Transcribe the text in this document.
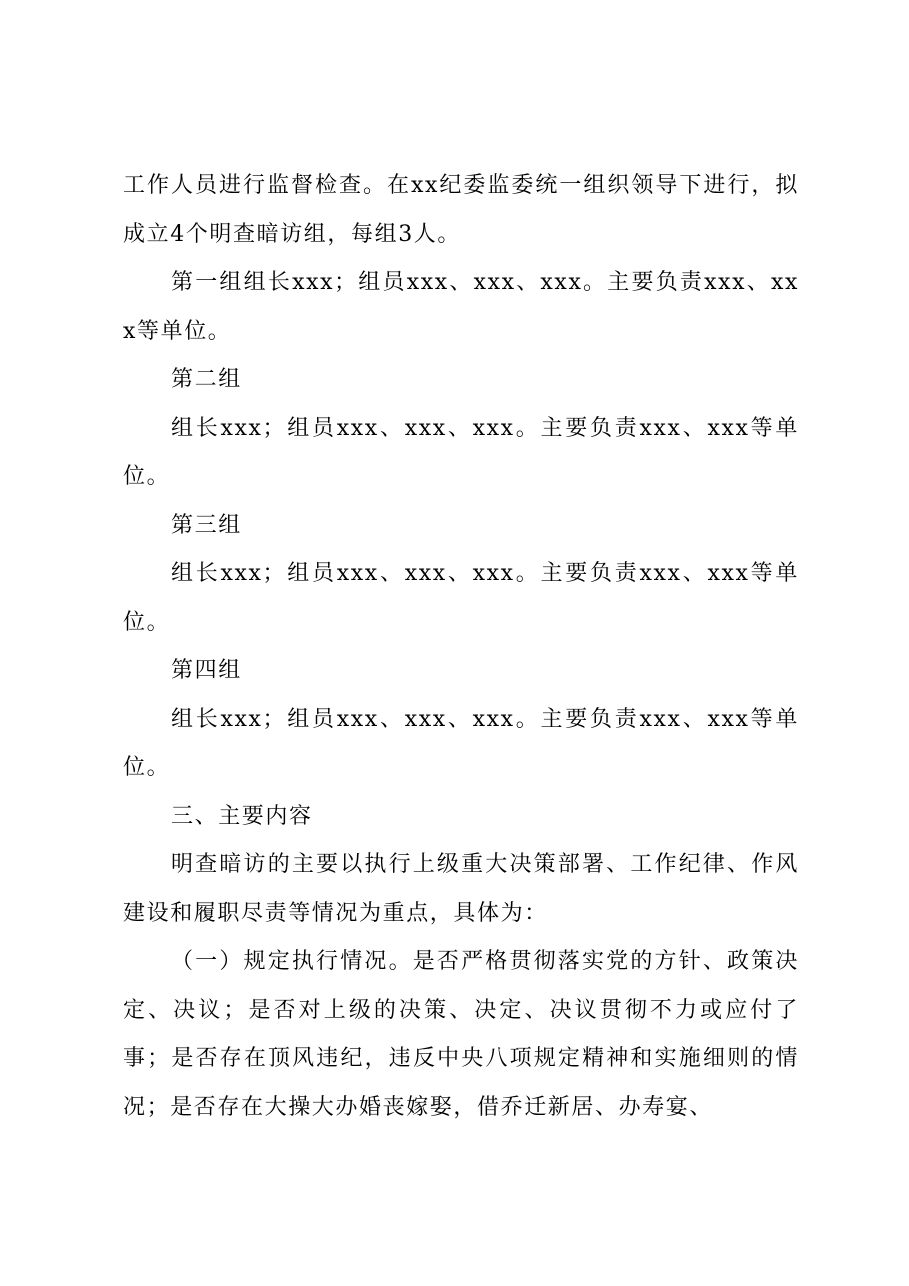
工作人员进行监督检查。在xx纪委监委统一组织领导下进行，拟成立4个明查暗访组，每组3人。

第一组组长xxx；组员xxx、xxx、xxx。主要负责xxx、xxx等单位。

第二组

组长xxx；组员xxx、xxx、xxx。主要负责xxx、xxx等单位。

第三组

组长xxx；组员xxx、xxx、xxx。主要负责xxx、xxx等单位。

第四组

组长xxx；组员xxx、xxx、xxx。主要负责xxx、xxx等单位。

三、主要内容

明查暗访的主要以执行上级重大决策部署、工作纪律、作风建设和履职尽责等情况为重点，具体为：

（一）规定执行情况。是否严格贯彻落实党的方针、政策决定、决议；是否对上级的决策、决定、决议贯彻不力或应付了事；是否存在顶风违纪，违反中央八项规定精神和实施细则的情况；是否存在大操大办婚丧嫁娶，借乔迁新居、办寿宴、
